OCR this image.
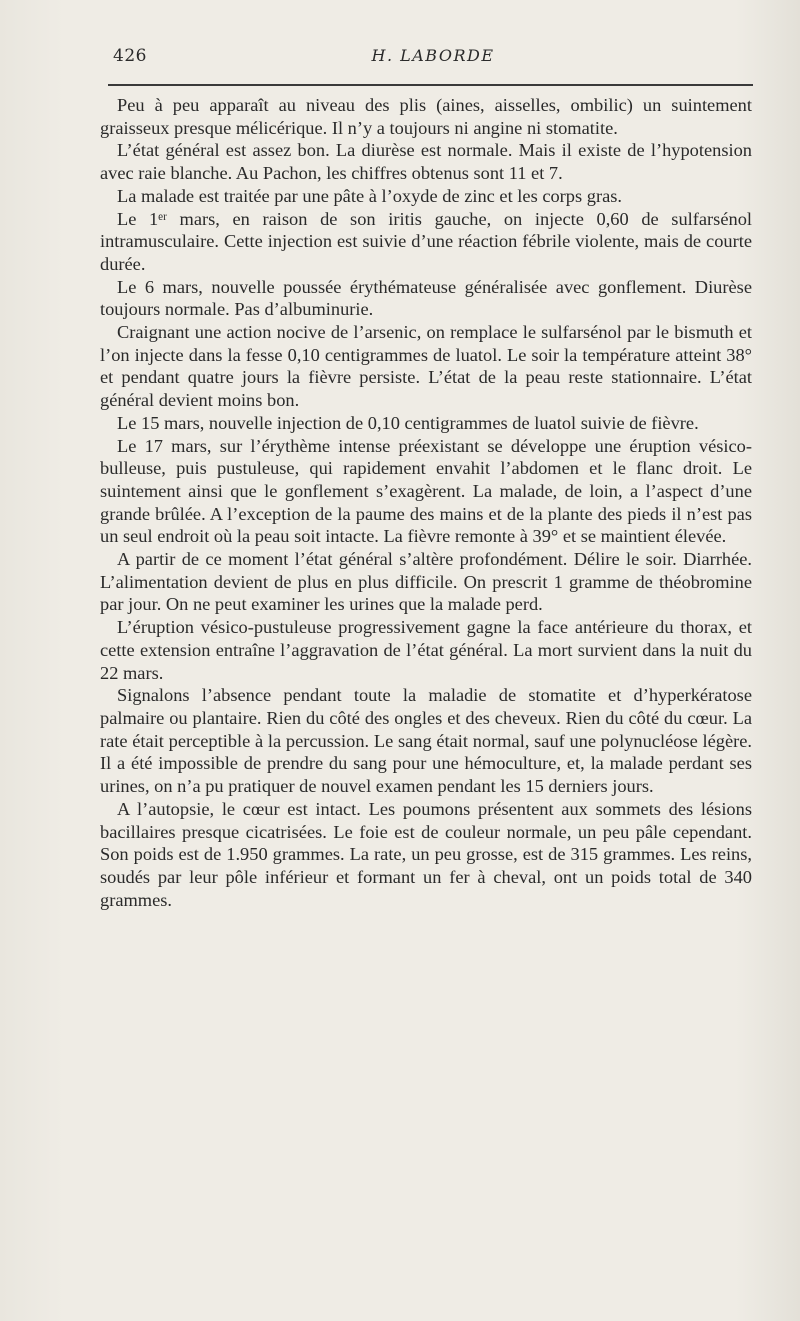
426	H. LABORDE

Peu à peu apparaît au niveau des plis (aines, aisselles, ombilic) un suintement graisseux presque mélicérique. Il n’y a toujours ni angine ni stomatite.

L’état général est assez bon. La diurèse est normale. Mais il existe de l’hypotension avec raie blanche. Au Pachon, les chiffres obtenus sont 11 et 7.

La malade est traitée par une pâte à l’oxyde de zinc et les corps gras.

Le 1ᵉʳ mars, en raison de son iritis gauche, on injecte 0,60 de sulfarsénol intramusculaire. Cette injection est suivie d’une réaction fébrile violente, mais de courte durée.

Le 6 mars, nouvelle poussée érythémateuse généralisée avec gonflement. Diurèse toujours normale. Pas d’albuminurie.

Craignant une action nocive de l’arsenic, on remplace le sulfarsénol par le bismuth et l’on injecte dans la fesse 0,10 centigrammes de luatol. Le soir la température atteint 38° et pendant quatre jours la fièvre persiste. L’état de la peau reste stationnaire. L’état général devient moins bon.

Le 15 mars, nouvelle injection de 0,10 centigrammes de luatol suivie de fièvre.

Le 17 mars, sur l’érythème intense préexistant se développe une éruption vésico-bulleuse, puis pustuleuse, qui rapidement envahit l’abdomen et le flanc droit. Le suintement ainsi que le gonflement s’exagèrent. La malade, de loin, a l’aspect d’une grande brûlée. A l’exception de la paume des mains et de la plante des pieds il n’est pas un seul endroit où la peau soit intacte. La fièvre remonte à 39° et se maintient élevée.

A partir de ce moment l’état général s’altère profondément. Délire le soir. Diarrhée. L’alimentation devient de plus en plus difficile. On prescrit 1 gramme de théobromine par jour. On ne peut examiner les urines que la malade perd.

L’éruption vésico-pustuleuse progressivement gagne la face antérieure du thorax, et cette extension entraîne l’aggravation de l’état général. La mort survient dans la nuit du 22 mars.

Signalons l’absence pendant toute la maladie de stomatite et d’hyperkératose palmaire ou plantaire. Rien du côté des ongles et des cheveux. Rien du côté du cœur. La rate était perceptible à la percussion. Le sang était normal, sauf une polynucléose légère. Il a été impossible de prendre du sang pour une hémoculture, et, la malade perdant ses urines, on n’a pu pratiquer de nouvel examen pendant les 15 derniers jours.

A l’autopsie, le cœur est intact. Les poumons présentent aux sommets des lésions bacillaires presque cicatrisées. Le foie est de couleur normale, un peu pâle cependant. Son poids est de 1.950 grammes. La rate, un peu grosse, est de 315 grammes. Les reins, soudés par leur pôle inférieur et formant un fer à cheval, ont un poids total de 340 grammes.
